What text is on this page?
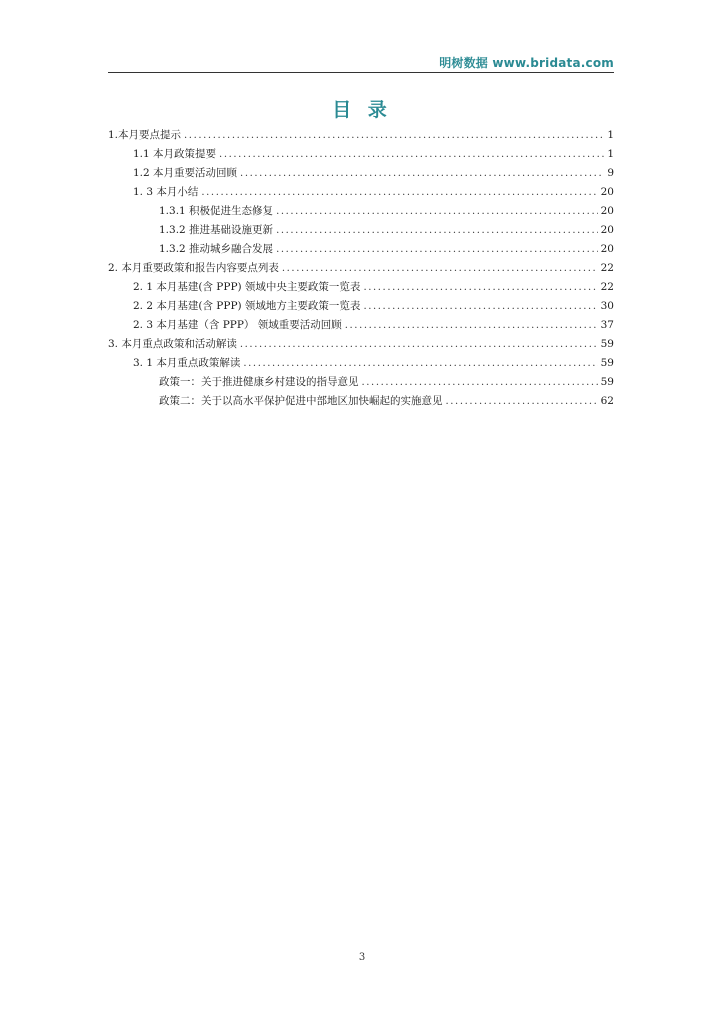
明树数据 www.bridata.com
目 录
1.本月要点提示 .....	1
1.1 本月政策提要 .....	1
1.2 本月重要活动回顾 .....	9
1. 3 本月小结 .....	20
1.3.1 积极促进生态修复 .....	20
1.3.2 推进基础设施更新 .....	20
1.3.2 推动城乡融合发展 .....	20
2. 本月重要政策和报告内容要点列表 .....	22
2. 1 本月基建(含 PPP) 领域中央主要政策一览表 .....	22
2. 2 本月基建(含 PPP) 领域地方主要政策一览表 .....	30
2. 3 本月基建（含 PPP） 领域重要活动回顾 .....	37
3. 本月重点政策和活动解读 .....	59
3. 1 本月重点政策解读 .....	59
政策一：关于推进健康乡村建设的指导意见 .....	59
政策二：关于以高水平保护促进中部地区加快崛起的实施意见 .....	62
3
